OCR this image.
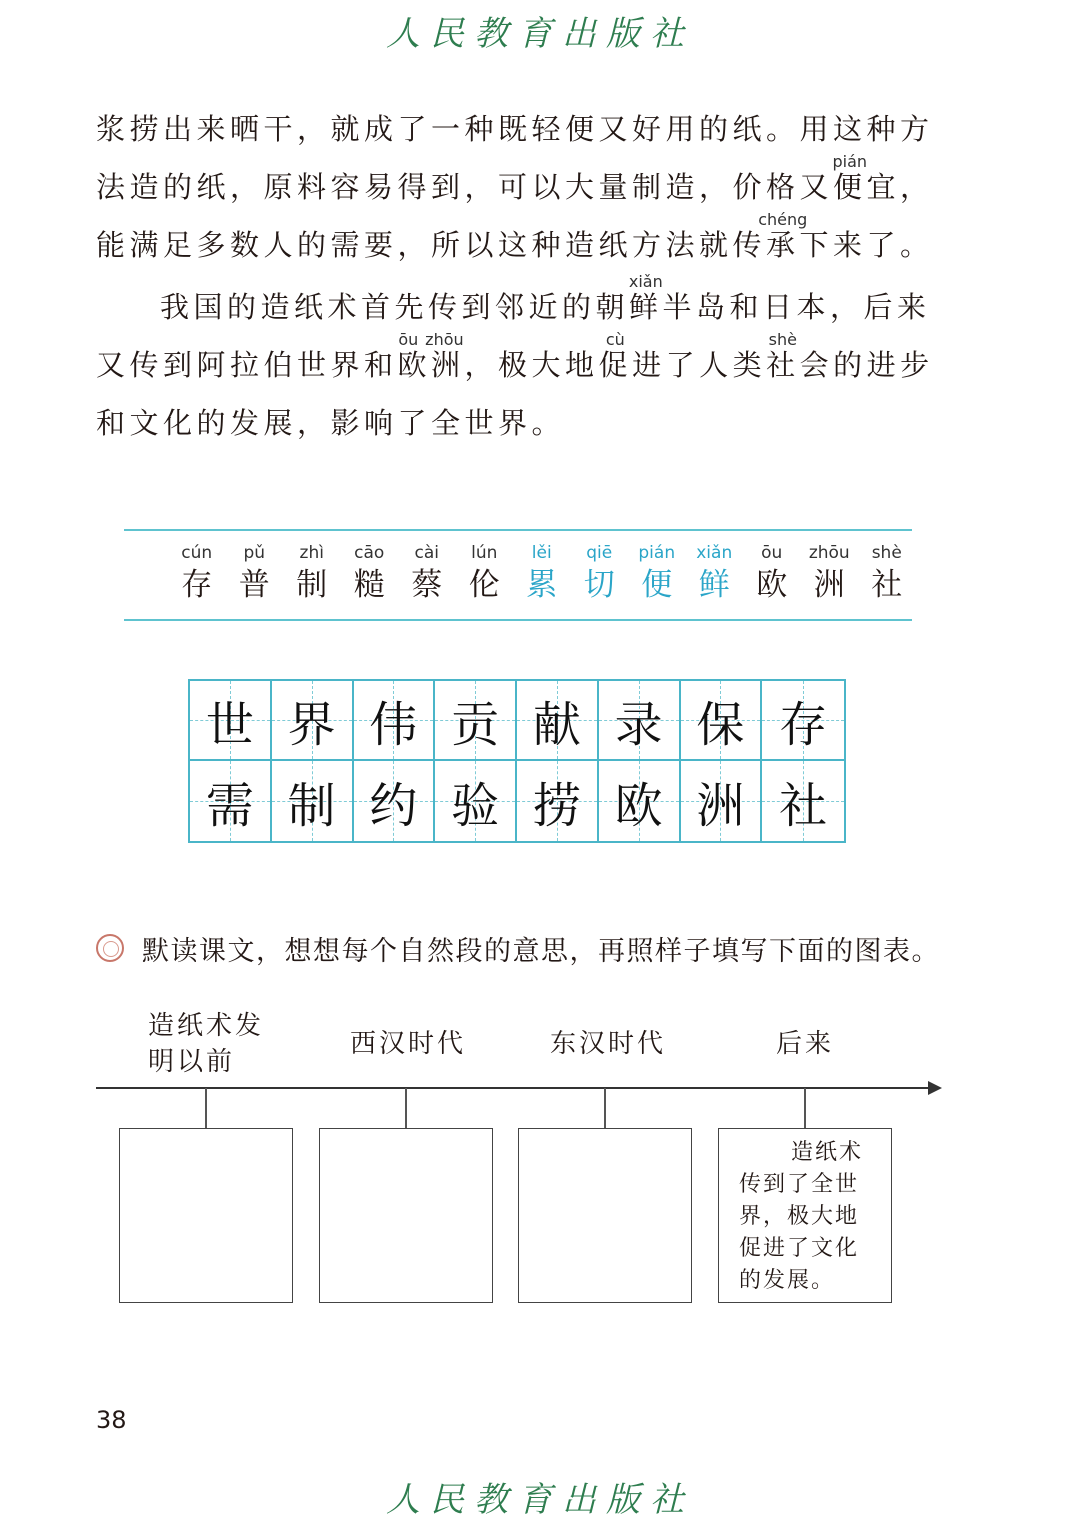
人民教育出版社

浆捞出来晒干，就成了一种既轻便又好用的纸。用这种方法造的纸，原料容易得到，可以大量制造，价格又便pián宜，能满足多数人的需要，所以这种造纸方法就传承chéng下来了。

我国的造纸术首先传到邻近的朝鲜xiǎn半岛和日本，后来又传到阿拉伯世界和欧洲ōu zhōu，极大地促cù进了人类社shè会的进步和文化的发展，影响了全世界。

cún
存
pǔ
普
zhì
制
cāo
糙
cài
蔡
lún
伦
lěi
累
qiē
切
pián
便
xiǎn
鲜
ōu
欧
zhōu
洲
shè
社
世 界 伟 贡 献 录 保 存
需 制 约 验 捞 欧 洲 社
默读课文，想想每个自然段的意思，再照样子填写下面的图表。
造纸术发明以前
西汉时代	东汉时代	后来
造纸术传到了全世界，极大地促进了文化的发展。
38
人民教育出版社
